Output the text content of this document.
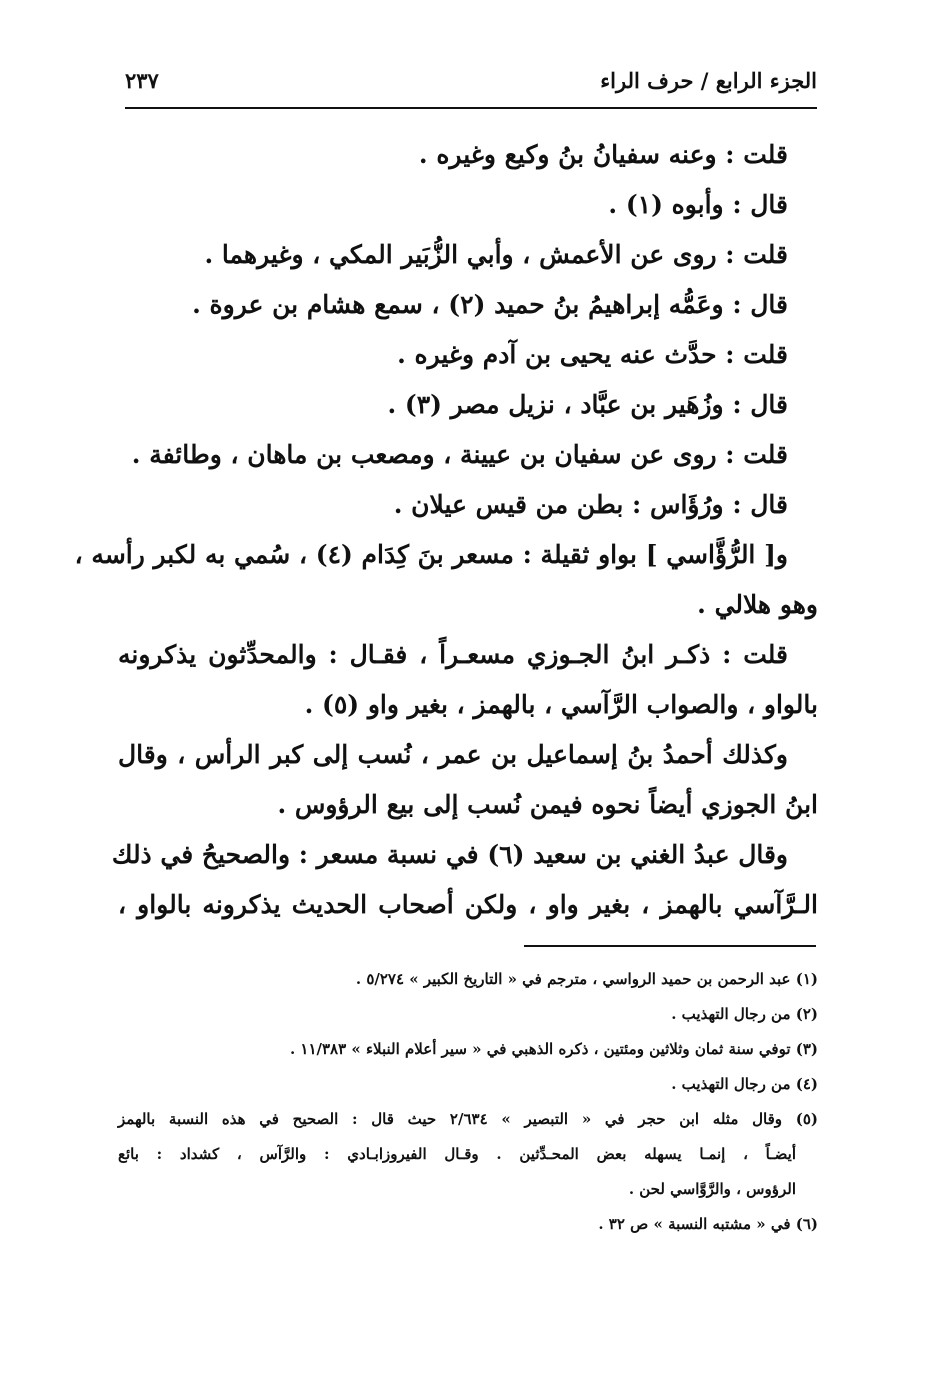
الجزء الرابع / حرف الراء
٢٣٧
قلت : وعنه سفيانُ بنُ وكيع وغيره .
قال : وأبوه (١) .
قلت : روى عن الأعمش ، وأبي الزُّبَير المكي ، وغيرهما .
قال : وعَمُّه إبراهيمُ بنُ حميد (٢) ، سمع هشام بن عروة .
قلت : حدَّث عنه يحيى بن آدم وغيره .
قال : وزُهَير بن عبَّاد ، نزيل مصر (٣) .
قلت : روى عن سفيان بن عيينة ، ومصعب بن ماهان ، وطائفة .
قال : ورُؤَاس : بطن من قيس عيلان .
و[ الرُّؤَّاسي ] بواو ثقيلة : مسعر بنَ كِدَام (٤) ، سُمي به لكبر رأسه ،
وهو هلالي .
قلت : ذكـر ابنُ الجـوزي مسعـراً ، فقـال : والمحدِّثون يذكرونه
بالواو ، والصواب الرَّآسي ، بالهمز ، بغير واو (٥) .
وكذلك أحمدُ بنُ إسماعيل بن عمر ، نُسب إلى كبر الرأس ، وقال
ابنُ الجوزي أيضاً نحوه فيمن نُسب إلى بيع الرؤوس .
وقال عبدُ الغني بن سعيد (٦) في نسبة مسعر : والصحيحُ في ذلك
الـرَّآسي بالهمز ، بغير واو ، ولكن أصحاب الحديث يذكرونه بالواو ،
(١) عبد الرحمن بن حميد الرواسي ، مترجم في « التاريخ الكبير » ٥/٢٧٤ .
(٢) من رجال التهذيب .
(٣) توفي سنة ثمان وثلاثين ومئتين ، ذكره الذهبي في « سير أعلام النبلاء » ١١/٣٨٣ .
(٤) من رجال التهذيب .
(٥) وقال مثله ابن حجر في « التبصير » ٢/٦٣٤ حيث قال : الصحيح في هذه النسبة بالهمز
أيضـاً ، إنمـا يسهله بعض المحـدِّثين . وقـال الفيروزابـادي : والرَّآس ، كشداد : بائع
الرؤوس ، والرَّوَّاسي لحن .
(٦) في « مشتبه النسبة » ص ٣٢ .
